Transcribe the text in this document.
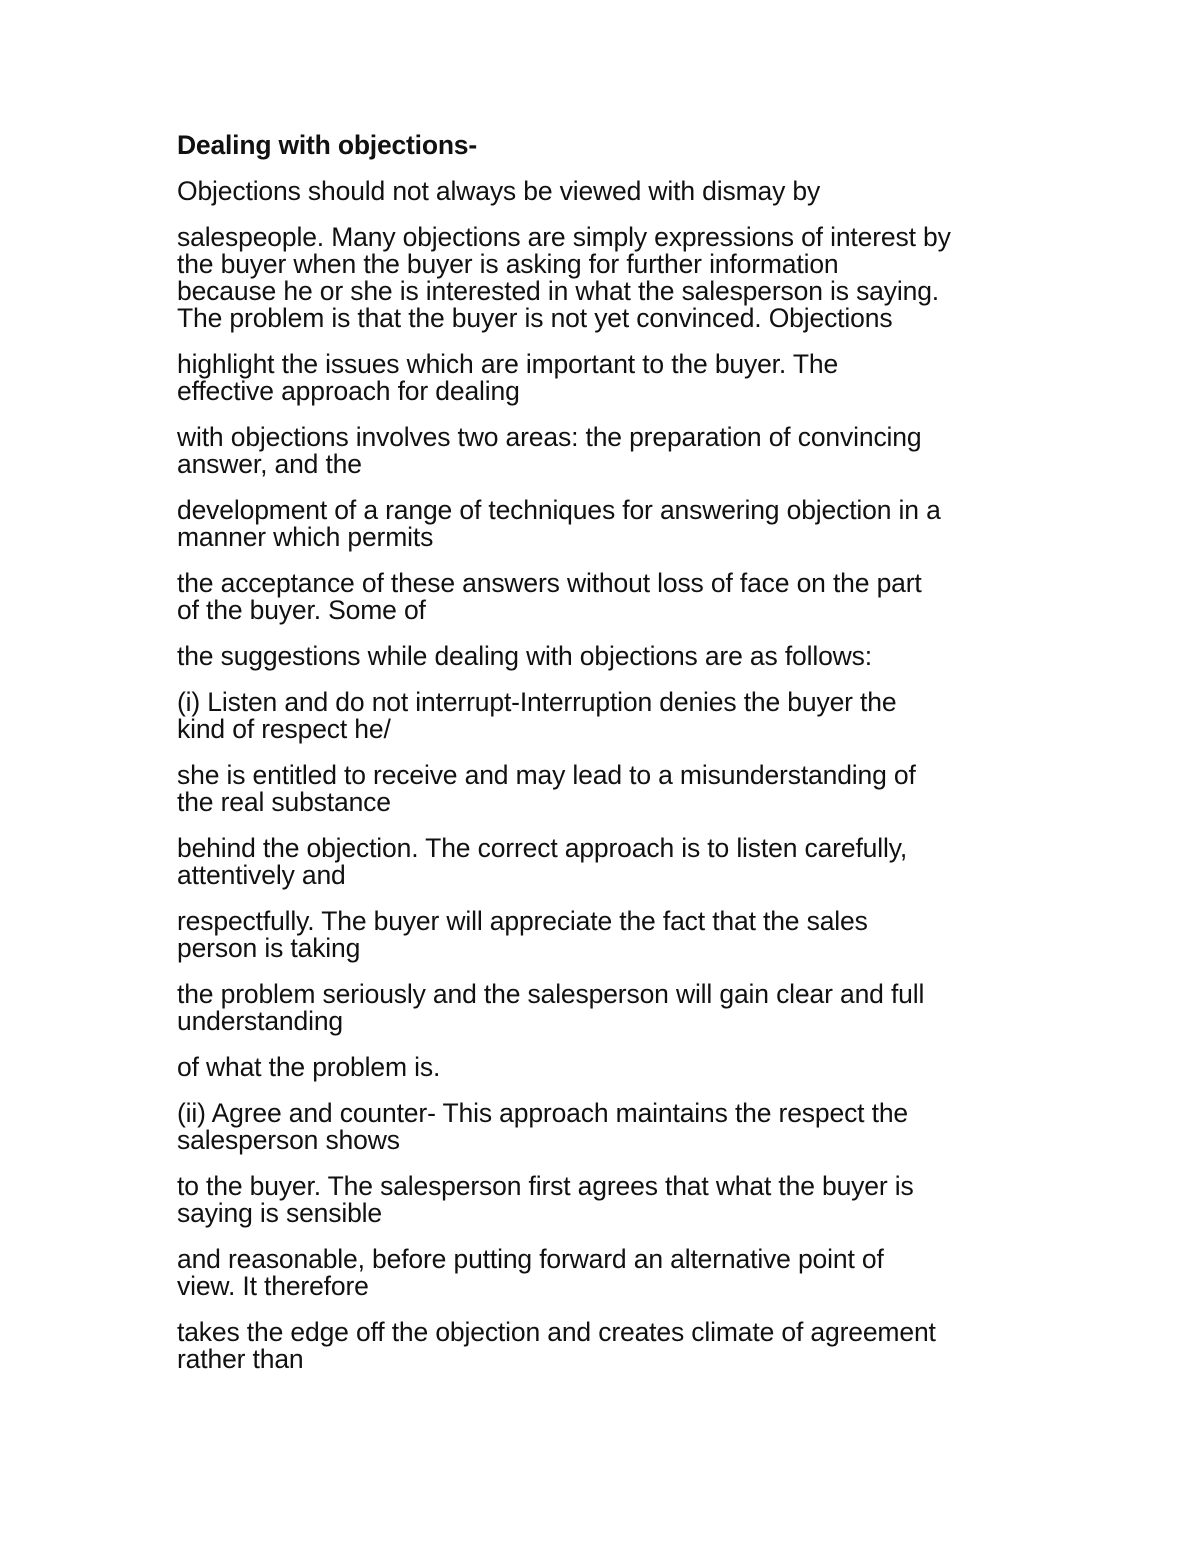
Dealing with objections-
Objections should not always be viewed with dismay by
salespeople. Many objections are simply expressions of interest by
the buyer when the buyer is asking for further information
because he or she is interested in what the salesperson is saying.
The problem is that the buyer is not yet convinced. Objections
highlight the issues which are important to the buyer. The
effective approach for dealing
with objections involves two areas: the preparation of convincing
answer, and the
development of a range of techniques for answering objection in a
manner which permits
the acceptance of these answers without loss of face on the part
of the buyer. Some of
the suggestions while dealing with objections are as follows:
(i) Listen and do not interrupt-Interruption denies the buyer the
kind of respect he/
she is entitled to receive and may lead to a misunderstanding of
the real substance
behind the objection. The correct approach is to listen carefully,
attentively and
respectfully. The buyer will appreciate the fact that the sales
person is taking
the problem seriously and the salesperson will gain clear and full
understanding
of what the problem is.
(ii) Agree and counter- This approach maintains the respect the
salesperson shows
to the buyer. The salesperson first agrees that what the buyer is
saying is sensible
and reasonable, before putting forward an alternative point of
view. It therefore
takes the edge off the objection and creates climate of agreement
rather than
